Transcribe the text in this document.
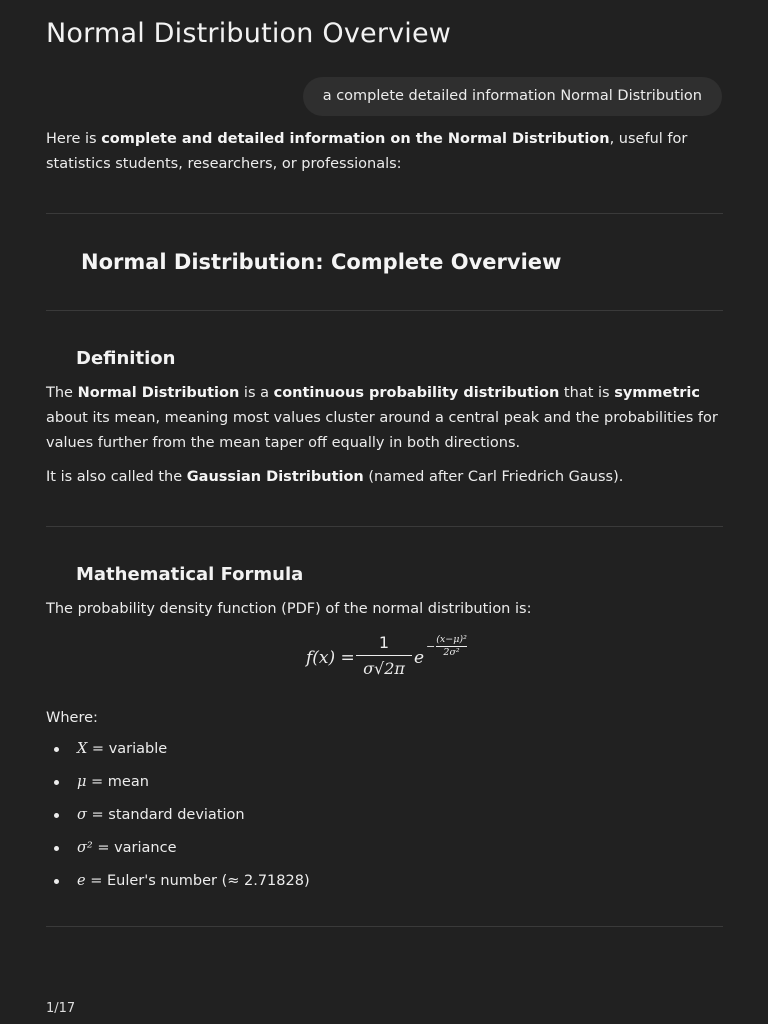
Normal Distribution Overview
a complete detailed information Normal Distribution

Here is complete and detailed information on the Normal Distribution, useful for statistics students, researchers, or professionals:

Normal Distribution: Complete Overview
Definition

The Normal Distribution is a continuous probability distribution that is symmetric about its mean, meaning most values cluster around a central peak and the probabilities for values further from the mean taper off equally in both directions.

It is also called the Gaussian Distribution (named after Carl Friedrich Gauss).

Mathematical Formula

The probability density function (PDF) of the normal distribution is:

f(x) =
1
σ√2π
e
−
(x−μ)²
2σ²

Where:

X = variable
μ = mean
σ = standard deviation
σ² = variance
e = Euler's number (≈ 2.71828)
1/17
